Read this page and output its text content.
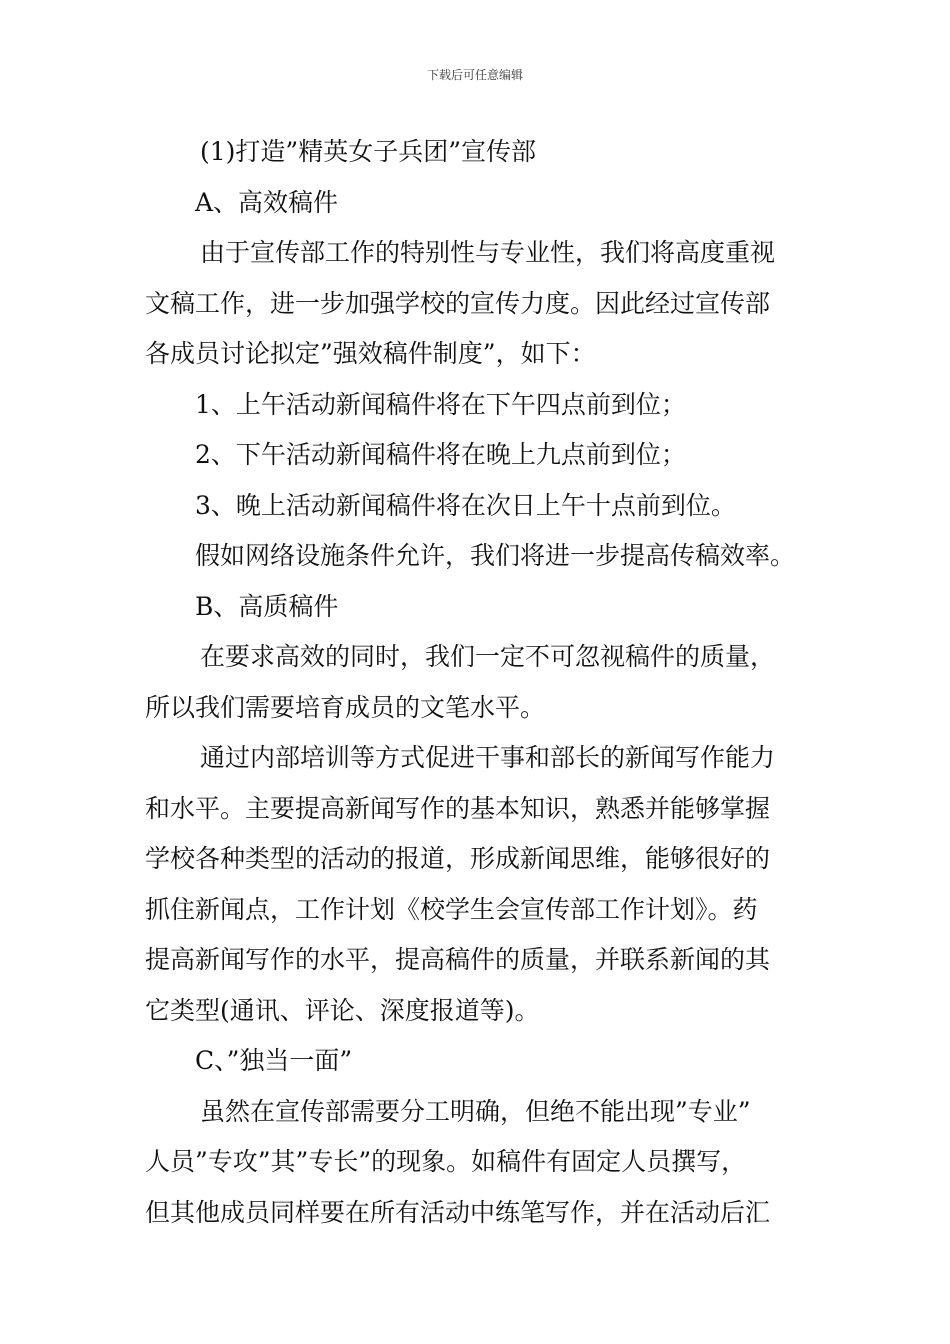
下载后可任意编辑
(1)打造”精英女子兵团”宣传部
A、高效稿件
由于宣传部工作的特别性与专业性，我们将高度重视
文稿工作，进一步加强学校的宣传力度。因此经过宣传部
各成员讨论拟定”强效稿件制度”，如下：
1、上午活动新闻稿件将在下午四点前到位；
2、下午活动新闻稿件将在晚上九点前到位；
3、晚上活动新闻稿件将在次日上午十点前到位。
假如网络设施条件允许，我们将进一步提高传稿效率。
B、高质稿件
在要求高效的同时，我们一定不可忽视稿件的质量，
所以我们需要培育成员的文笔水平。
通过内部培训等方式促进干事和部长的新闻写作能力
和水平。主要提高新闻写作的基本知识，熟悉并能够掌握
学校各种类型的活动的报道，形成新闻思维，能够很好的
抓住新闻点，工作计划《校学生会宣传部工作计划》。药
提高新闻写作的水平，提高稿件的质量，并联系新闻的其
它类型(通讯、评论、深度报道等)。
C、”独当一面”
虽然在宣传部需要分工明确，但绝不能出现”专业”
人员”专攻”其”专长”的现象。如稿件有固定人员撰写，
但其他成员同样要在所有活动中练笔写作，并在活动后汇
